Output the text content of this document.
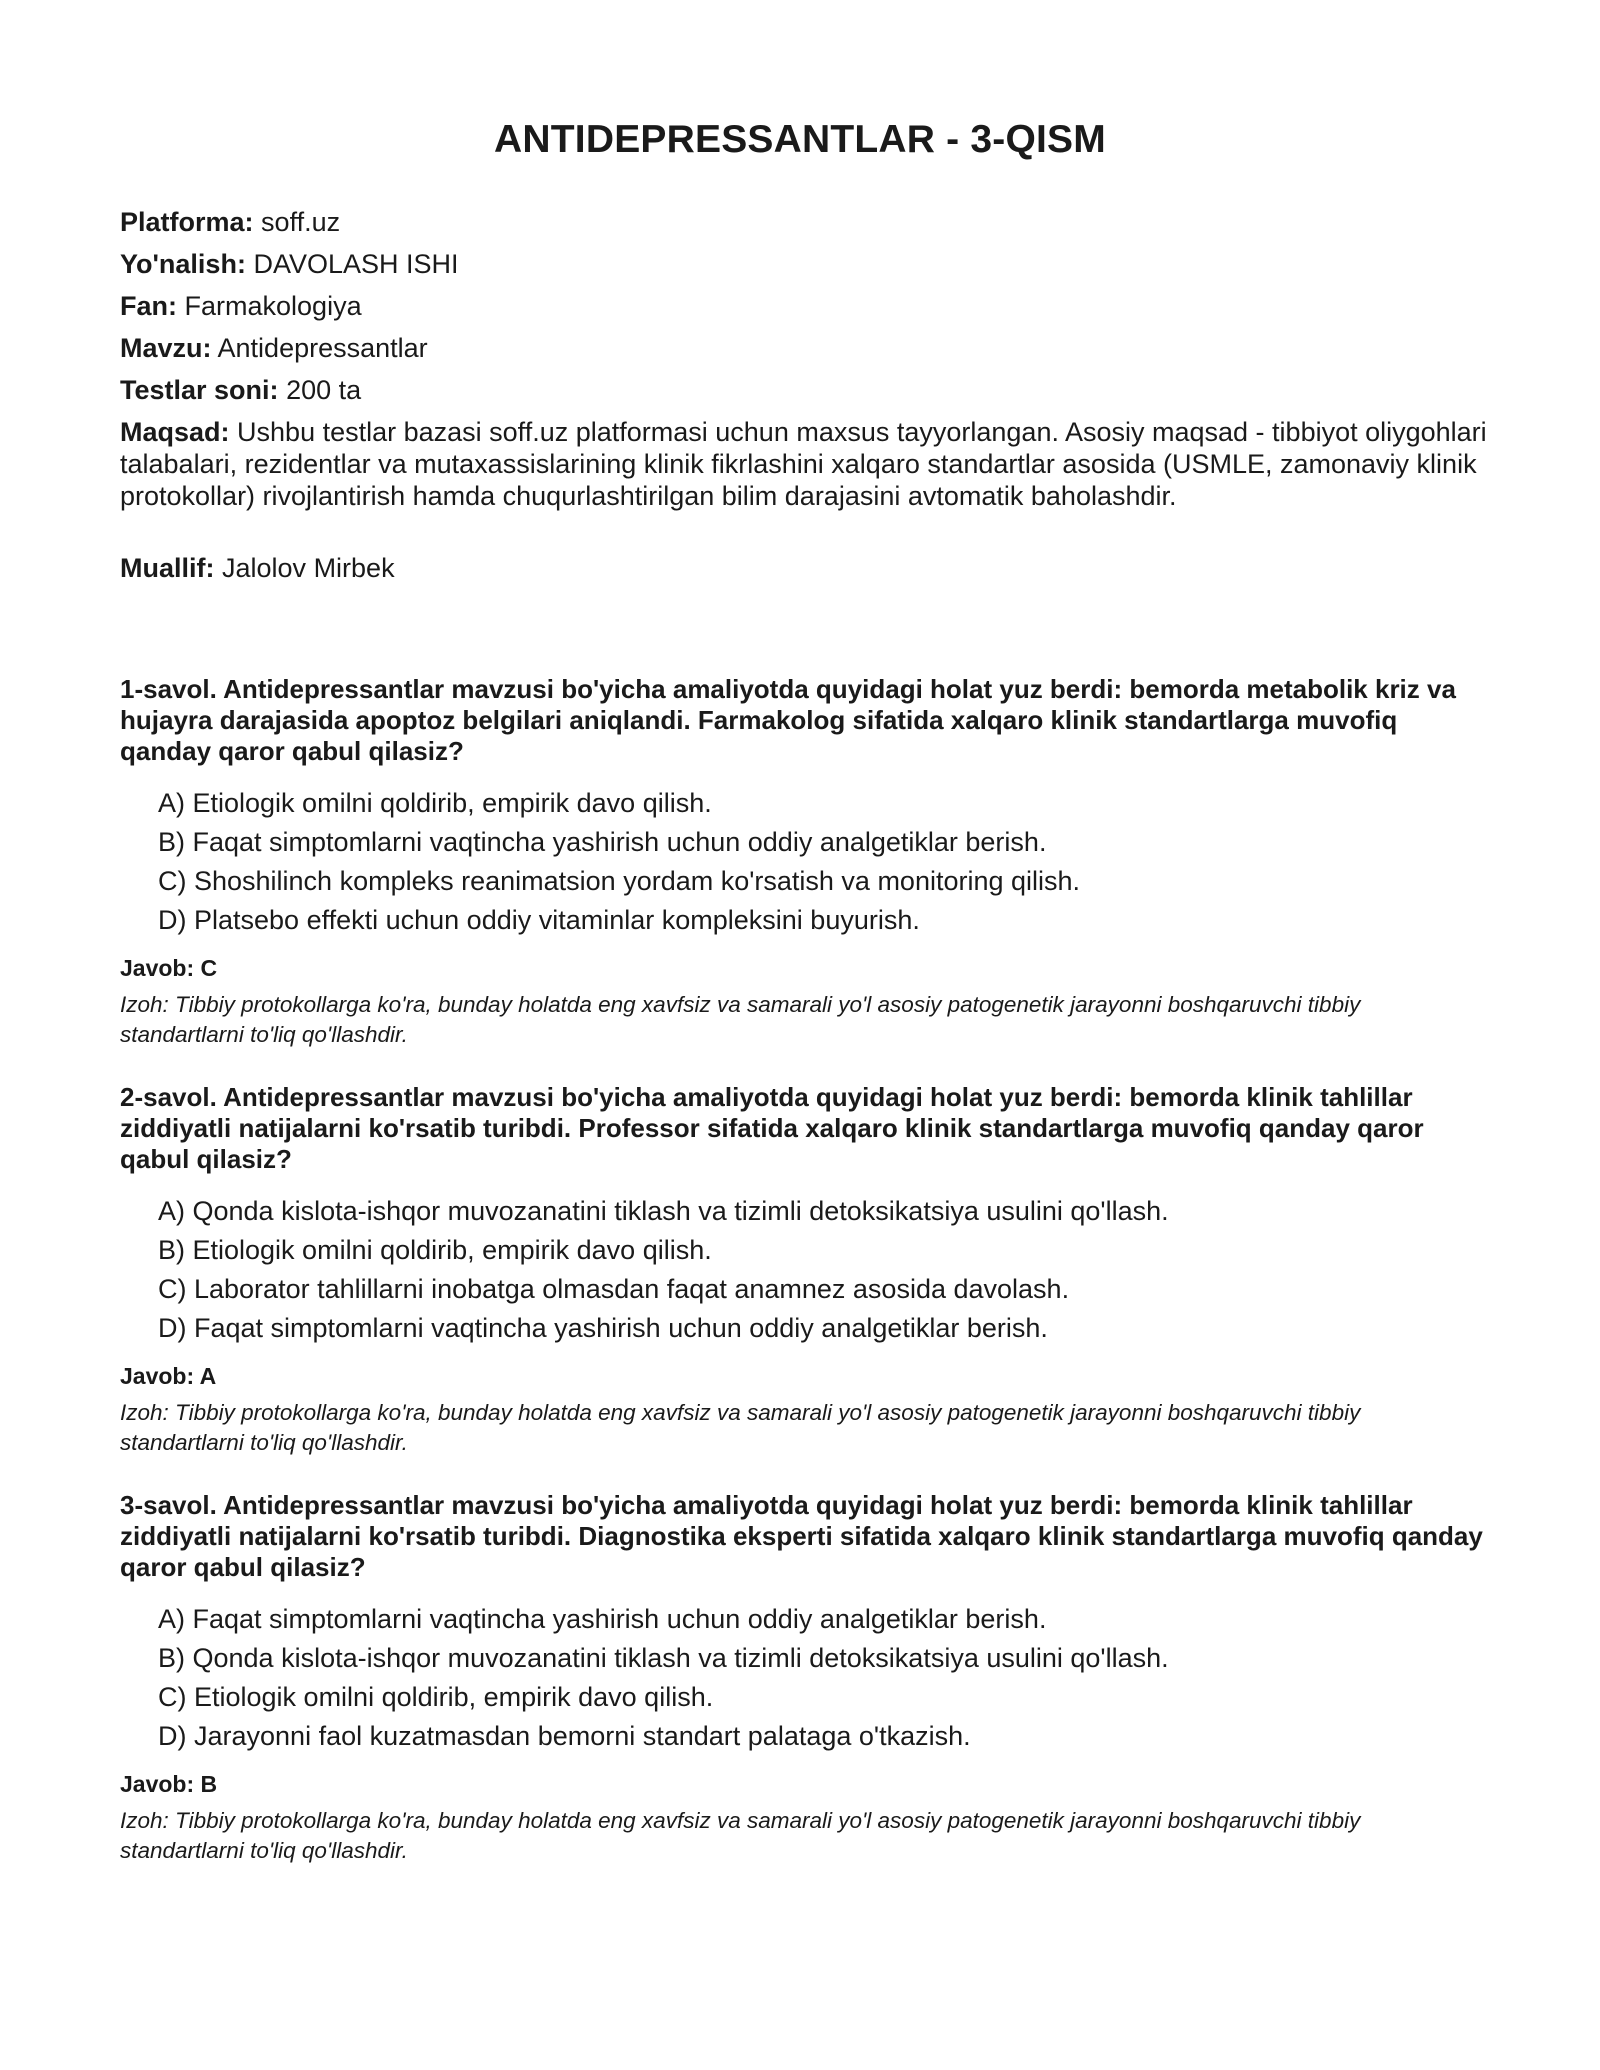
ANTIDEPRESSANTLAR - 3-QISM

Platforma: soff.uz

Yo'nalish: DAVOLASH ISHI

Fan: Farmakologiya

Mavzu: Antidepressantlar

Testlar soni: 200 ta

Maqsad: Ushbu testlar bazasi soff.uz platformasi uchun maxsus tayyorlangan. Asosiy maqsad - tibbiyot oliygohlari talabalari, rezidentlar va mutaxassislarining klinik fikrlashini xalqaro standartlar asosida (USMLE, zamonaviy klinik protokollar) rivojlantirish hamda chuqurlashtirilgan bilim darajasini avtomatik baholashdir.

Muallif: Jalolov Mirbek

1-savol. Antidepressantlar mavzusi bo'yicha amaliyotda quyidagi holat yuz berdi: bemorda metabolik kriz va hujayra darajasida apoptoz belgilari aniqlandi. Farmakolog sifatida xalqaro klinik standartlarga muvofiq qanday qaror qabul qilasiz?

A) Etiologik omilni qoldirib, empirik davo qilish.

B) Faqat simptomlarni vaqtincha yashirish uchun oddiy analgetiklar berish.

C) Shoshilinch kompleks reanimatsion yordam ko'rsatish va monitoring qilish.

D) Platsebo effekti uchun oddiy vitaminlar kompleksini buyurish.

Javob: C

Izoh: Tibbiy protokollarga ko'ra, bunday holatda eng xavfsiz va samarali yo'l asosiy patogenetik jarayonni boshqaruvchi tibbiy standartlarni to'liq qo'llashdir.

2-savol. Antidepressantlar mavzusi bo'yicha amaliyotda quyidagi holat yuz berdi: bemorda klinik tahlillar ziddiyatli natijalarni ko'rsatib turibdi. Professor sifatida xalqaro klinik standartlarga muvofiq qanday qaror qabul qilasiz?

A) Qonda kislota-ishqor muvozanatini tiklash va tizimli detoksikatsiya usulini qo'llash.

B) Etiologik omilni qoldirib, empirik davo qilish.

C) Laborator tahlillarni inobatga olmasdan faqat anamnez asosida davolash.

D) Faqat simptomlarni vaqtincha yashirish uchun oddiy analgetiklar berish.

Javob: A

Izoh: Tibbiy protokollarga ko'ra, bunday holatda eng xavfsiz va samarali yo'l asosiy patogenetik jarayonni boshqaruvchi tibbiy standartlarni to'liq qo'llashdir.

3-savol. Antidepressantlar mavzusi bo'yicha amaliyotda quyidagi holat yuz berdi: bemorda klinik tahlillar ziddiyatli natijalarni ko'rsatib turibdi. Diagnostika eksperti sifatida xalqaro klinik standartlarga muvofiq qanday qaror qabul qilasiz?

A) Faqat simptomlarni vaqtincha yashirish uchun oddiy analgetiklar berish.

B) Qonda kislota-ishqor muvozanatini tiklash va tizimli detoksikatsiya usulini qo'llash.

C) Etiologik omilni qoldirib, empirik davo qilish.

D) Jarayonni faol kuzatmasdan bemorni standart palataga o'tkazish.

Javob: B

Izoh: Tibbiy protokollarga ko'ra, bunday holatda eng xavfsiz va samarali yo'l asosiy patogenetik jarayonni boshqaruvchi tibbiy standartlarni to'liq qo'llashdir.
